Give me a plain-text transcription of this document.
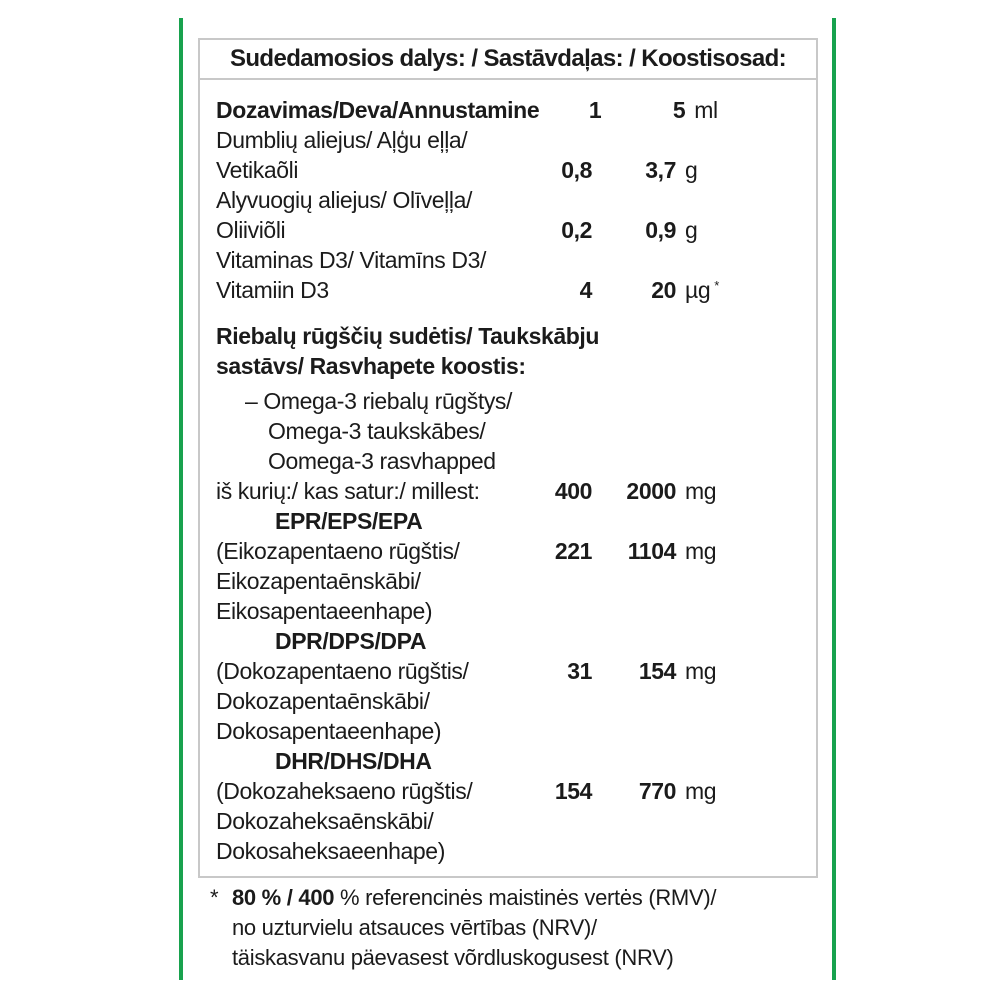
Sudedamosios dalys: / Sastāvdaļas: / Koostisosad:
Dozavimas/Deva/Annustamine	1	5 ml
Dumblių aliejus/ Aļģu eļļa/
Vetikaõli	0,8	3,7 g
Alyvuogių aliejus/ Olīveļļa/
Oliiviõli	0,2	0,9 g
Vitaminas D3/ Vitamīns D3/
Vitamiin D3	4	20 µg *
Riebalų rūgščių sudėtis/ Taukskābju
sastāvs/ Rasvhapete koostis:
– Omega-3 riebalų rūgštys/
Omega-3 taukskābes/
Oomega-3 rasvhapped
iš kurių:/ kas satur:/ millest:	400	2000 mg
EPR/EPS/EPA
(Eikozapentaeno rūgštis/	221	1104 mg
Eikozapentaēnskābi/
Eikosapentaeenhape)
DPR/DPS/DPA
(Dokozapentaeno rūgštis/	31	154 mg
Dokozapentaēnskābi/
Dokosapentaeenhape)
DHR/DHS/DHA
(Dokozaheksaeno rūgštis/	154	770 mg
Dokozaheksaēnskābi/
Dokosaheksaeenhape)
* 80 % / 400 % referencinės maistinės vertės (RMV)/
no uzturvielu atsauces vērtības (NRV)/
täiskasvanu päevasest võrdluskogusest (NRV)
